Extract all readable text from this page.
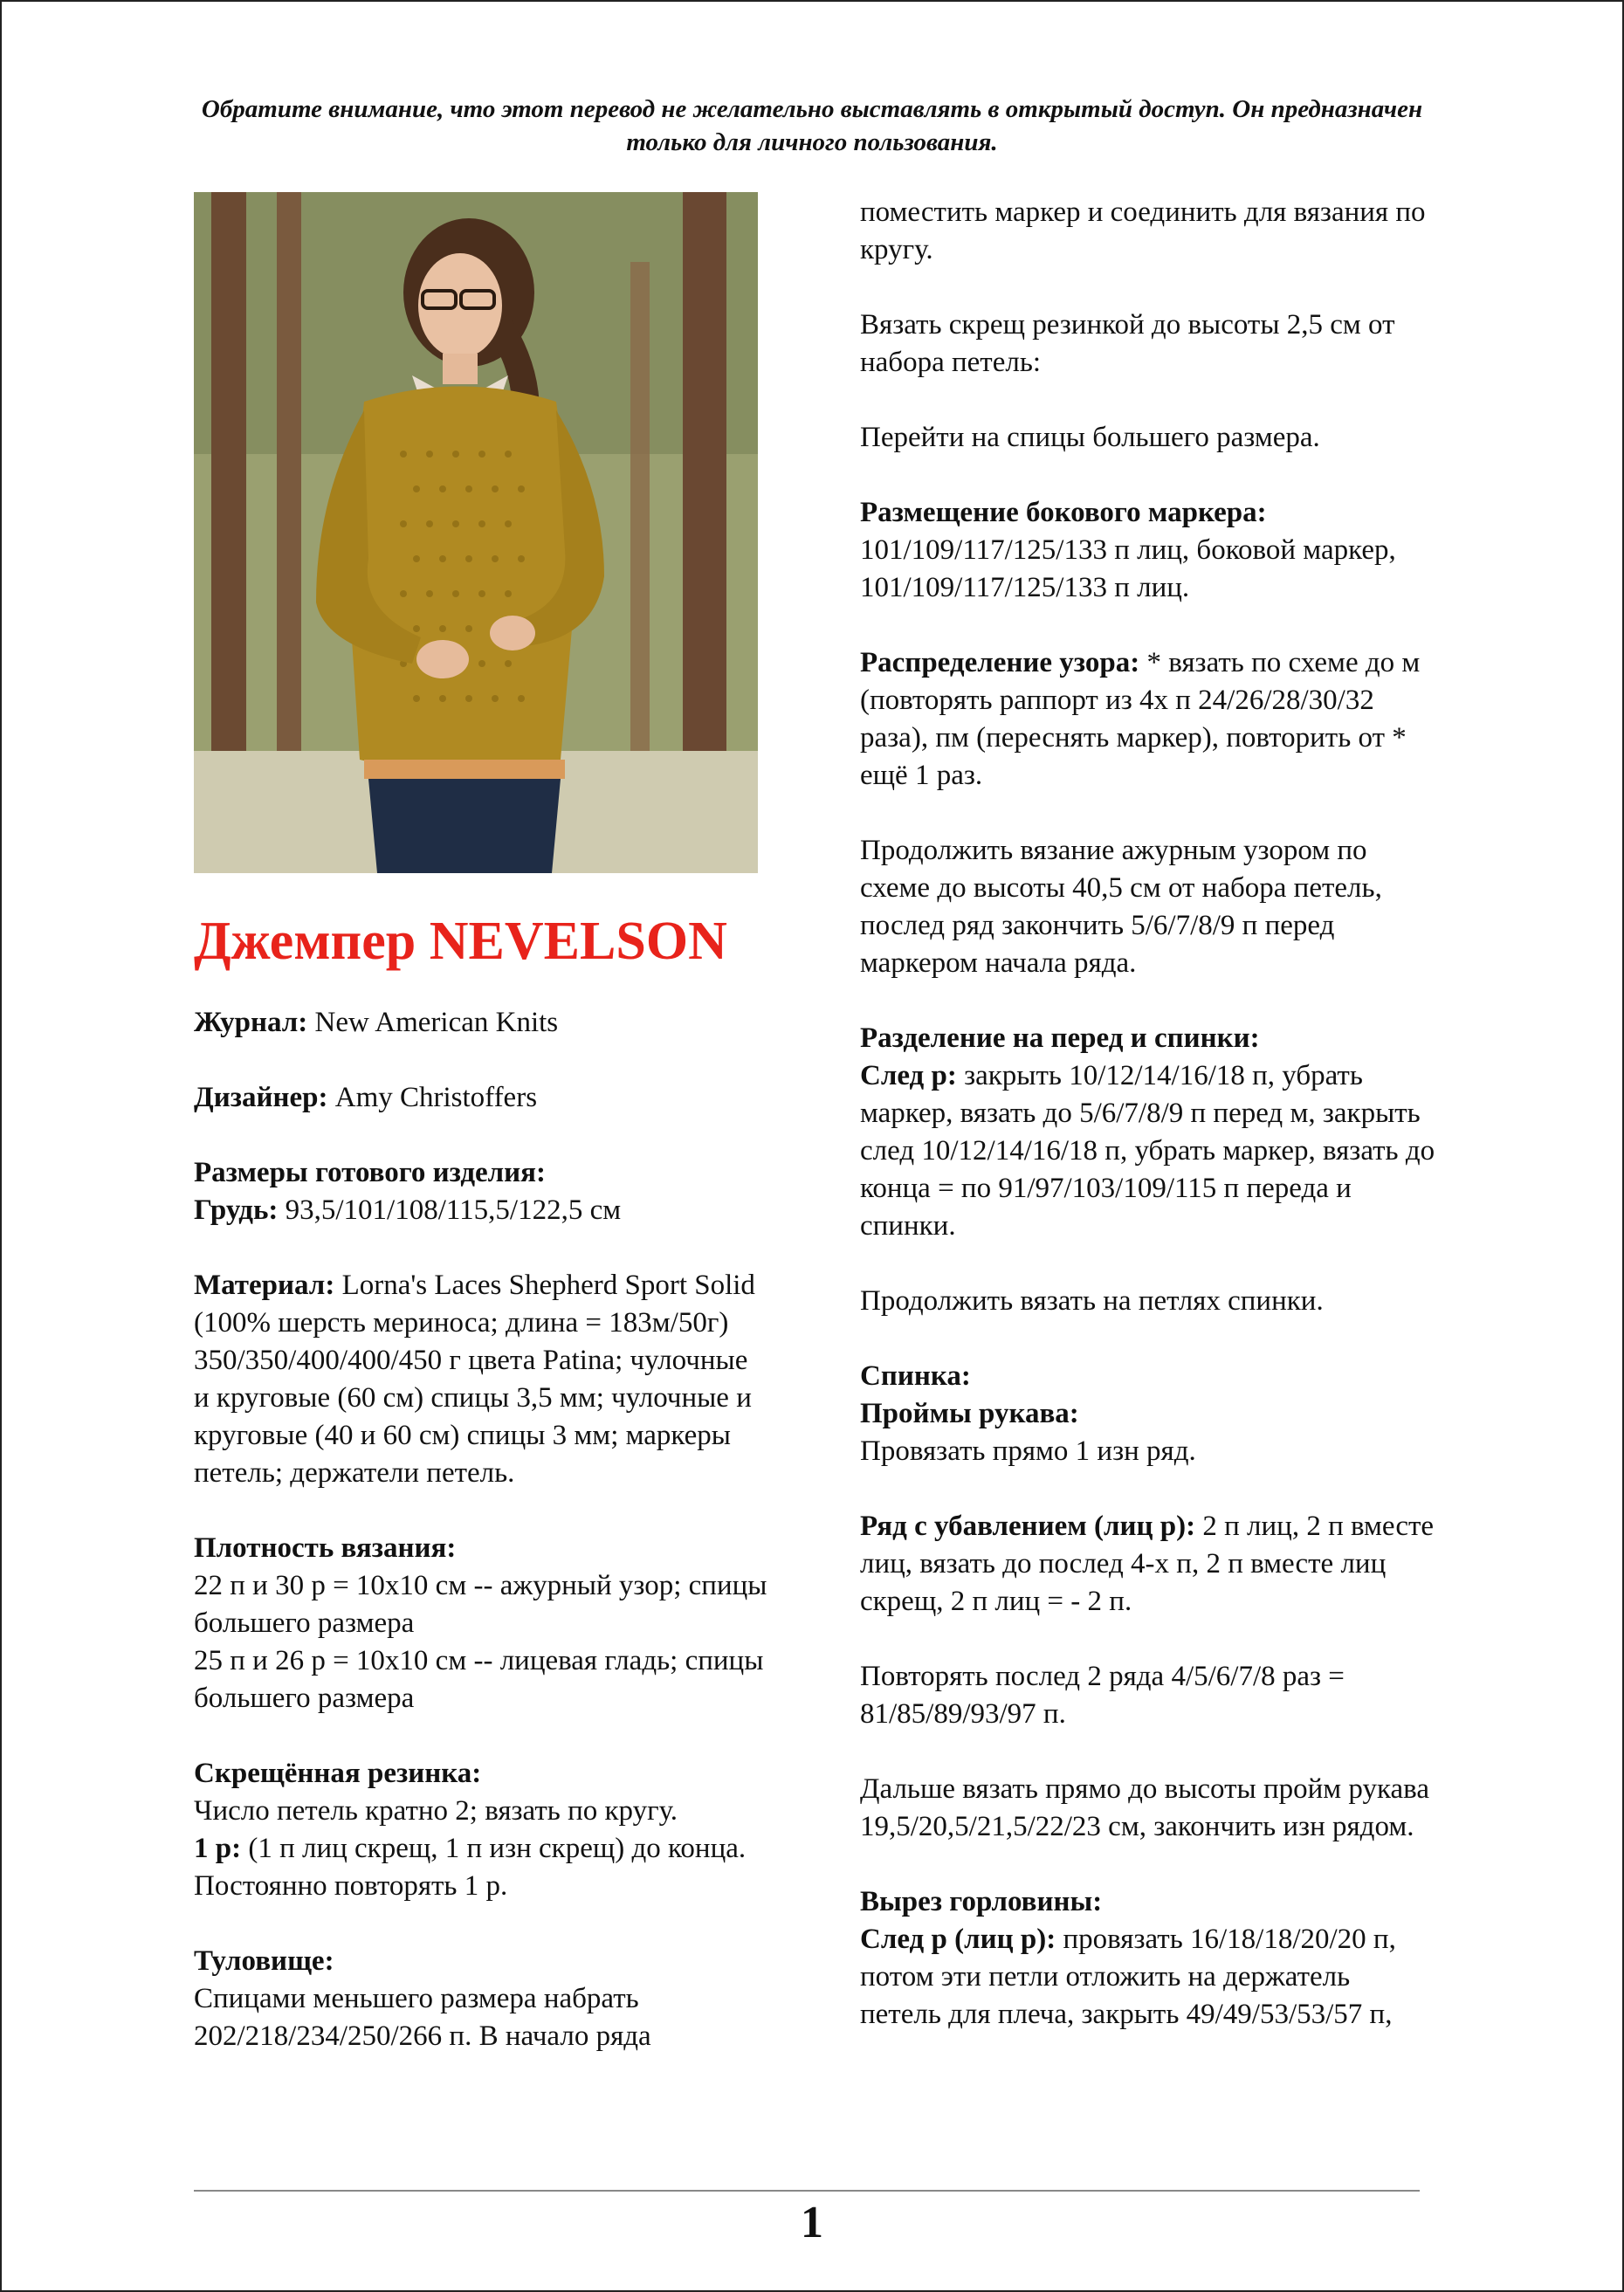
Обратите внимание, что этот перевод не желательно выставлять в открытый доступ. Он предназначен только для личного пользования.
Джемпер NEVELSON

Журнал: New American Knits

Дизайнер: Amy Christoffers

Размеры готового изделия:

Грудь: 93,5/101/108/115,5/122,5 см

Материал: Lorna's Laces Shepherd Sport Solid (100% шерсть мериноса; длина = 183м/50г) 350/350/400/400/450 г цвета Patina; чулочные и круговые (60 см) спицы 3,5 мм; чулочные и круговые (40 и 60 см) спицы 3 мм; маркеры петель; держатели петель.

Плотность вязания:

22 п и 30 р = 10х10 см -- ажурный узор; спицы большего размера

25 п и 26 р = 10х10 см -- лицевая гладь; спицы большего размера

Скрещённая резинка:

Число петель кратно 2; вязать по кругу.

1 р: (1 п лиц скрещ, 1 п изн скрещ) до конца.

Постоянно повторять 1 р.

Туловище:

Спицами меньшего размера набрать 202/218/234/250/266 п. В начало ряда

поместить маркер и соединить для вязания по кругу.

Вязать скрещ резинкой до высоты 2,5 см от набора петель:

Перейти на спицы большего размера.

Размещение бокового маркера:

101/109/117/125/133 п лиц, боковой маркер, 101/109/117/125/133 п лиц.

Распределение узора: * вязать по схеме до м (повторять раппорт из 4х п 24/26/28/30/32 раза), пм (переснять маркер), повторить от * ещё 1 раз.

Продолжить вязание ажурным узором по схеме до высоты 40,5 см от набора петель, послед ряд закончить 5/6/7/8/9 п перед маркером начала ряда.

Разделение на перед и спинки:

След р: закрыть 10/12/14/16/18 п, убрать маркер, вязать до 5/6/7/8/9 п перед м, закрыть след 10/12/14/16/18 п, убрать маркер, вязать до конца = по 91/97/103/109/115 п переда и спинки.

Продолжить вязать на петлях спинки.

Спинка:

Проймы рукава:

Провязать прямо 1 изн ряд.

Ряд с убавлением (лиц р): 2 п лиц, 2 п вместе лиц, вязать до послед 4-х п, 2 п вместе лиц скрещ, 2 п лиц = - 2 п.

Повторять послед 2 ряда 4/5/6/7/8 раз = 81/85/89/93/97 п.

Дальше вязать прямо до высоты пройм рукава 19,5/20,5/21,5/22/23 см, закончить изн рядом.

Вырез горловины:

След р (лиц р): провязать 16/18/18/20/20 п, потом эти петли отложить на держатель петель для плеча, закрыть 49/49/53/53/57 п,

1
